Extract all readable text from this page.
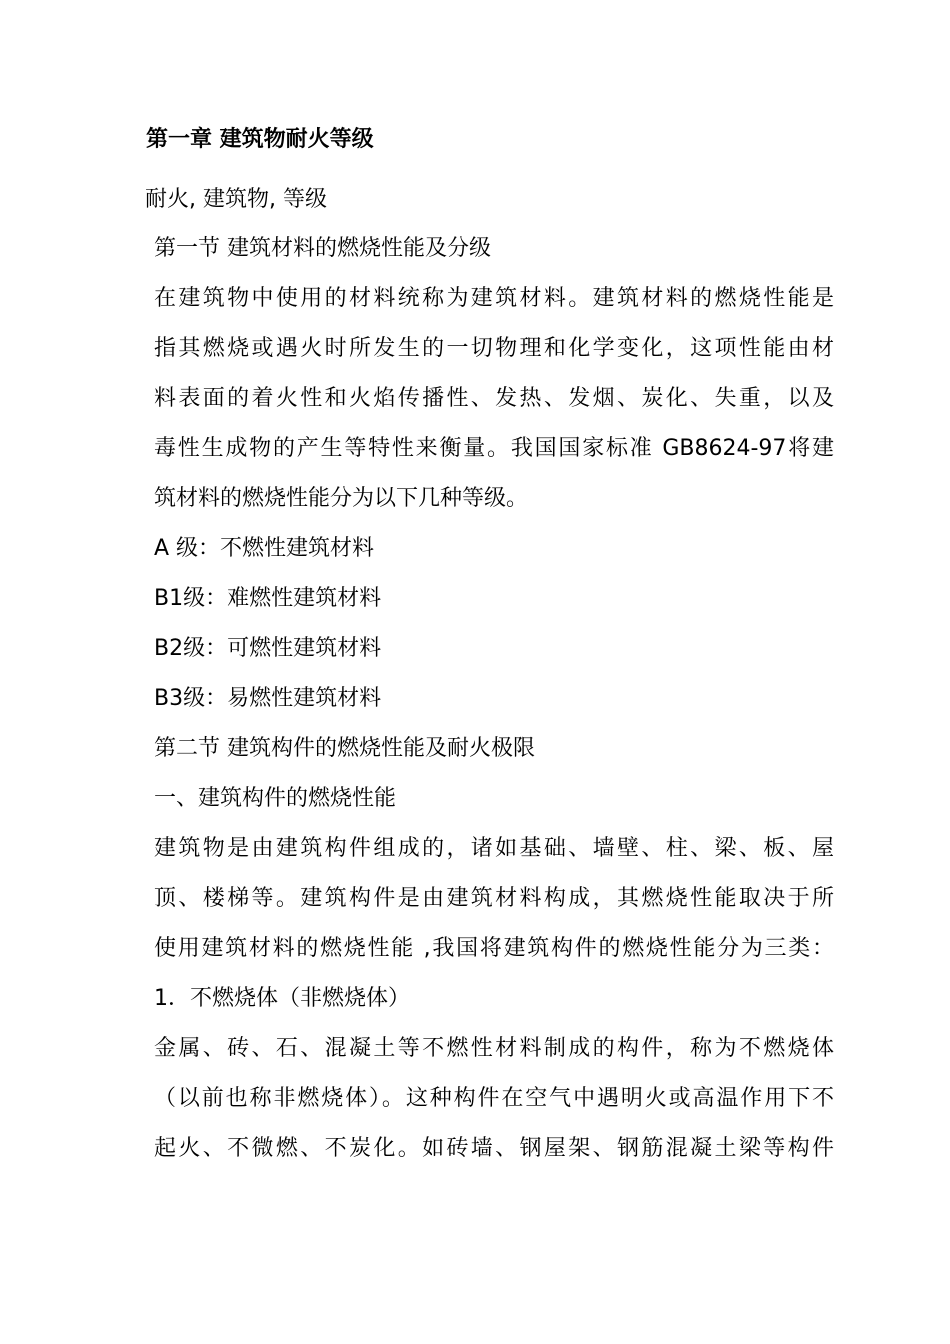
第一章 建筑物耐火等级
耐火, 建筑物, 等级
第一节 建筑材料的燃烧性能及分级
在建筑物中使用的材料统称为建筑材料。建筑材料的燃烧性能是
指其燃烧或遇火时所发生的一切物理和化学变化，这项性能由材
料表面的着火性和火焰传播性、发热、发烟、炭化、失重，以及
毒性生成物的产生等特性来衡量。我国国家标准 GB8624-97将建
筑材料的燃烧性能分为以下几种等级。
A 级：不燃性建筑材料
B1级：难燃性建筑材料
B2级：可燃性建筑材料
B3级：易燃性建筑材料
第二节 建筑构件的燃烧性能及耐火极限
一、建筑构件的燃烧性能
建筑物是由建筑构件组成的，诸如基础、墙壁、柱、梁、板、屋
顶、楼梯等。建筑构件是由建筑材料构成，其燃烧性能取决于所
使用建筑材料的燃烧性能 ,我国将建筑构件的燃烧性能分为三类：
1．不燃烧体（非燃烧体）
金属、砖、石、混凝土等不燃性材料制成的构件，称为不燃烧体
（以前也称非燃烧体）。这种构件在空气中遇明火或高温作用下不
起火、不微燃、不炭化。如砖墙、钢屋架、钢筋混凝土梁等构件
